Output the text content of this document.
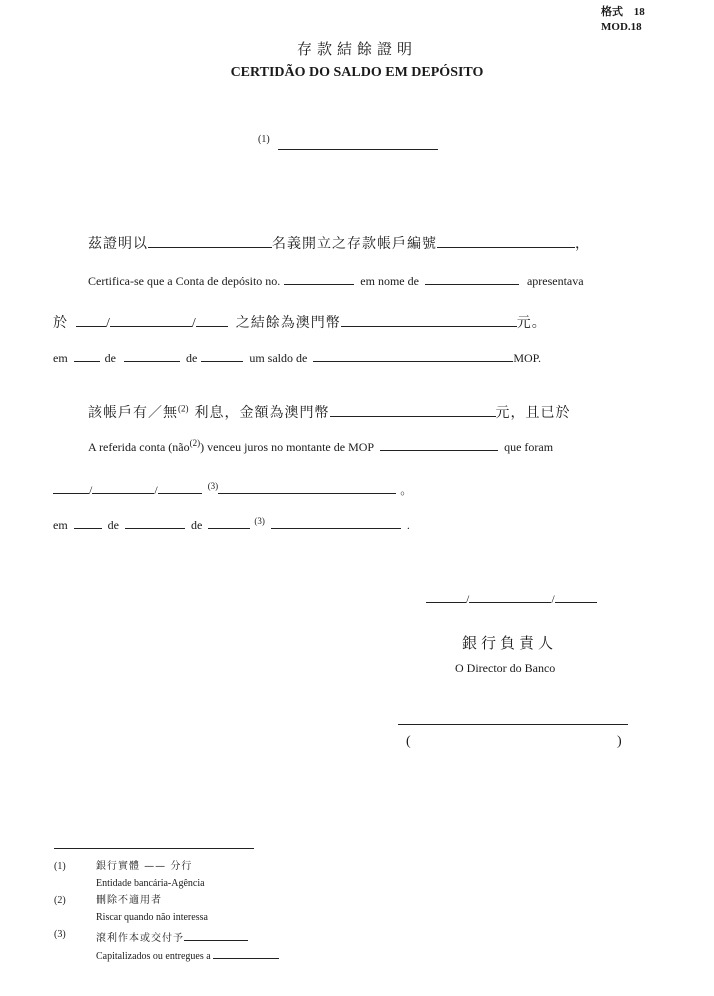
格式 18
MOD.18
存款結餘證明
CERTIDÃO DO SALDO EM DEPÓSITO
(1)
茲證明以	名義開立之存款帳戶編號	，
Certifica-se que a Conta de depósito no.	em nome de	apresentava
於	/	/	之結餘為澳門幣	元。
em	de	de	um saldo de	MOP.
該帳戶有／無$^{(2)}$ 利息，金額為澳門幣	元，且已於
A referida conta (não$^{(2)}$) venceu juros no montante de MOP	que foram
/	/	$^{(3)}$	。
em	de	de	$^{(3)}$	.
/	/
銀行負責人
O Director do Banco
(	)
(1)	銀行實體 —— 分行
Entidade bancária-Agência
(2)	刪除不適用者
Riscar quando não interessa
(3)	滾利作本或交付予
Capitalizados ou entregues a
